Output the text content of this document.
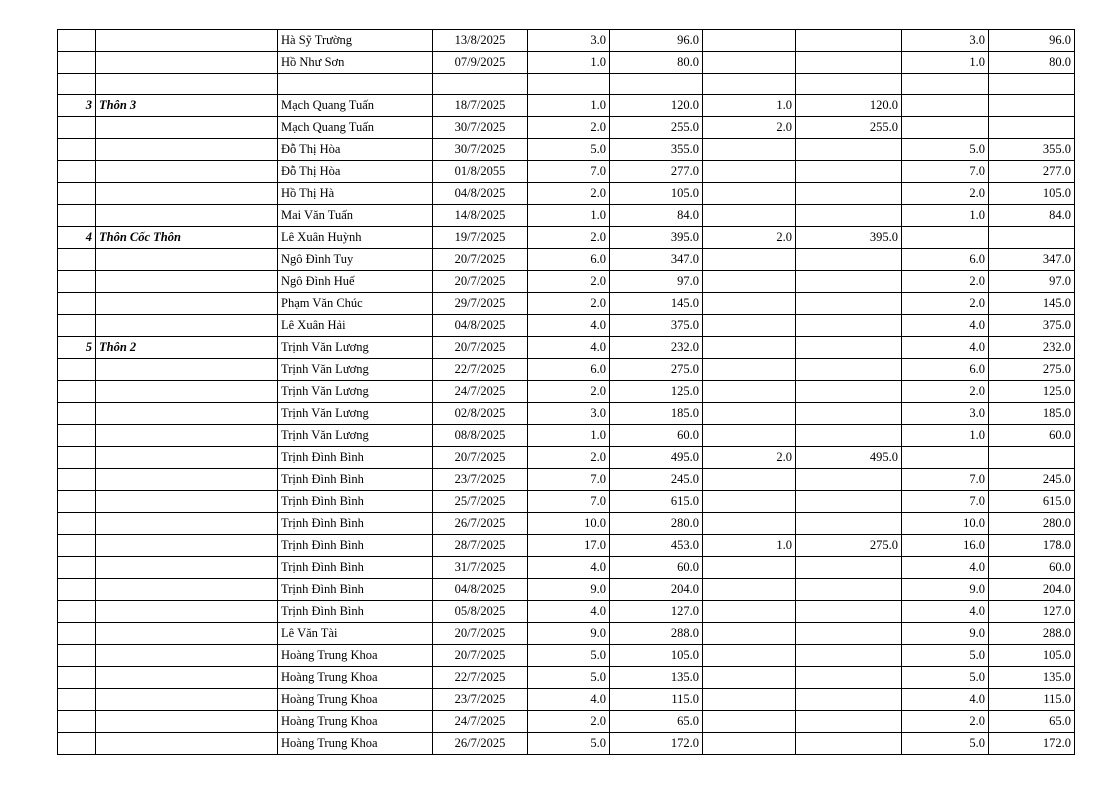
		Hà Sỹ Trường	13/8/2025	3.0	96.0			3.0	96.0
		Hồ Như Sơn	07/9/2025	1.0	80.0			1.0	80.0

3	Thôn 3	Mạch Quang Tuấn	18/7/2025	1.0	120.0	1.0	120.0		
		Mạch Quang Tuấn	30/7/2025	2.0	255.0	2.0	255.0		
		Đỗ Thị Hòa	30/7/2025	5.0	355.0			5.0	355.0
		Đỗ Thị Hòa	01/8/2055	7.0	277.0			7.0	277.0
		Hồ Thị Hà	04/8/2025	2.0	105.0			2.0	105.0
		Mai Văn Tuấn	14/8/2025	1.0	84.0			1.0	84.0
4	Thôn Cốc Thôn	Lê Xuân Huỳnh	19/7/2025	2.0	395.0	2.0	395.0		
		Ngô Đình Tuy	20/7/2025	6.0	347.0			6.0	347.0
		Ngô Đình Huế	20/7/2025	2.0	97.0			2.0	97.0
		Phạm Văn Chúc	29/7/2025	2.0	145.0			2.0	145.0
		Lê Xuân Hải	04/8/2025	4.0	375.0			4.0	375.0
5	Thôn 2	Trịnh Văn Lương	20/7/2025	4.0	232.0			4.0	232.0
		Trịnh Văn Lương	22/7/2025	6.0	275.0			6.0	275.0
		Trịnh Văn Lương	24/7/2025	2.0	125.0			2.0	125.0
		Trịnh Văn Lương	02/8/2025	3.0	185.0			3.0	185.0
		Trịnh Văn Lương	08/8/2025	1.0	60.0			1.0	60.0
		Trịnh Đình Bình	20/7/2025	2.0	495.0	2.0	495.0		
		Trịnh Đình Bình	23/7/2025	7.0	245.0			7.0	245.0
		Trịnh Đình Bình	25/7/2025	7.0	615.0			7.0	615.0
		Trịnh Đình Bình	26/7/2025	10.0	280.0			10.0	280.0
		Trịnh Đình Bình	28/7/2025	17.0	453.0	1.0	275.0	16.0	178.0
		Trịnh Đình Bình	31/7/2025	4.0	60.0			4.0	60.0
		Trịnh Đình Bình	04/8/2025	9.0	204.0			9.0	204.0
		Trịnh Đình Bình	05/8/2025	4.0	127.0			4.0	127.0
		Lê Văn Tài	20/7/2025	9.0	288.0			9.0	288.0
		Hoàng Trung Khoa	20/7/2025	5.0	105.0			5.0	105.0
		Hoàng Trung Khoa	22/7/2025	5.0	135.0			5.0	135.0
		Hoàng Trung Khoa	23/7/2025	4.0	115.0			4.0	115.0
		Hoàng Trung Khoa	24/7/2025	2.0	65.0			2.0	65.0
		Hoàng Trung Khoa	26/7/2025	5.0	172.0			5.0	172.0
